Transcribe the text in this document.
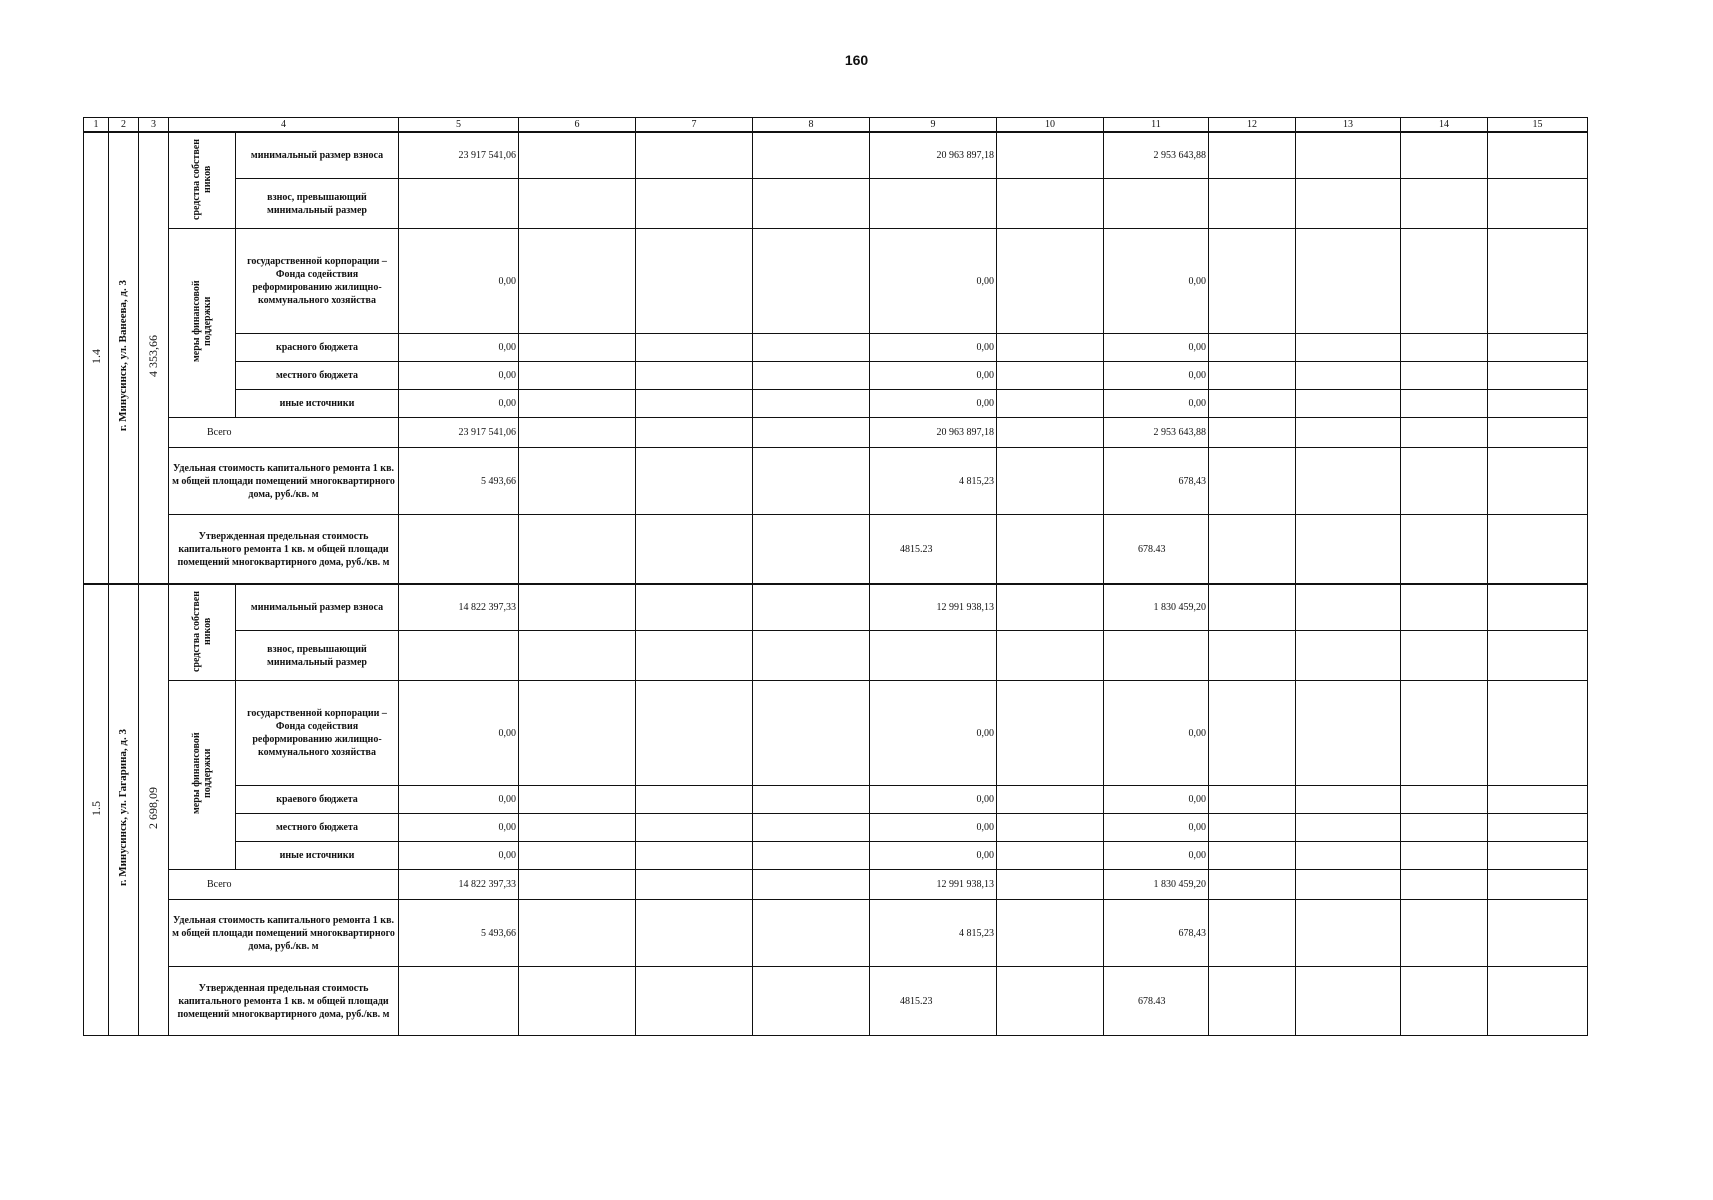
160
1	2	3	4		5	6	7	8	9	10	11	12	13	14	15
1.4	г. Минусинск, ул. Ванеева, д. 3	4 353,66	средства собствен ников	минимальный размер взноса	23 917 541,06				20 963 897,18		2 953 643,88				
				взнос, превышающий минимальный размер											
			меры финансовой поддержки	государственной корпорации – Фонда содействия реформированию жилищно-коммунального хозяйства	0,00				0,00		0,00				
				красного бюджета	0,00				0,00		0,00				
				местного бюджета	0,00				0,00		0,00				
				иные источники	0,00				0,00		0,00				
			Всего		23 917 541,06				20 963 897,18		2 953 643,88				
			Удельная стоимость капитального ремонта 1 кв. м общей площади помещений многоквартирного дома, руб./кв. м		5 493,66				4 815,23		678,43				
			Утвержденная предельная стоимость капитального ремонта 1 кв. м общей площади помещений многоквартирного дома, руб./кв. м						4815.23		678.43				
1.5	г. Минусинск, ул. Гагарина, д. 3	2 698,09	средства собствен ников	минимальный размер взноса	14 822 397,33				12 991 938,13		1 830 459,20				
				взнос, превышающий минимальный размер											
			меры финансовой поддержки	государственной корпорации – Фонда содействия реформированию жилищно-коммунального хозяйства	0,00				0,00		0,00				
				краевого бюджета	0,00				0,00		0,00				
				местного бюджета	0,00				0,00		0,00				
				иные источники	0,00				0,00		0,00				
			Всего		14 822 397,33				12 991 938,13		1 830 459,20				
			Удельная стоимость капитального ремонта 1 кв. м общей площади помещений многоквартирного дома, руб./кв. м		5 493,66				4 815,23		678,43				
			Утвержденная предельная стоимость капитального ремонта 1 кв. м общей площади помещений многоквартирного дома, руб./кв. м						4815.23		678.43				
